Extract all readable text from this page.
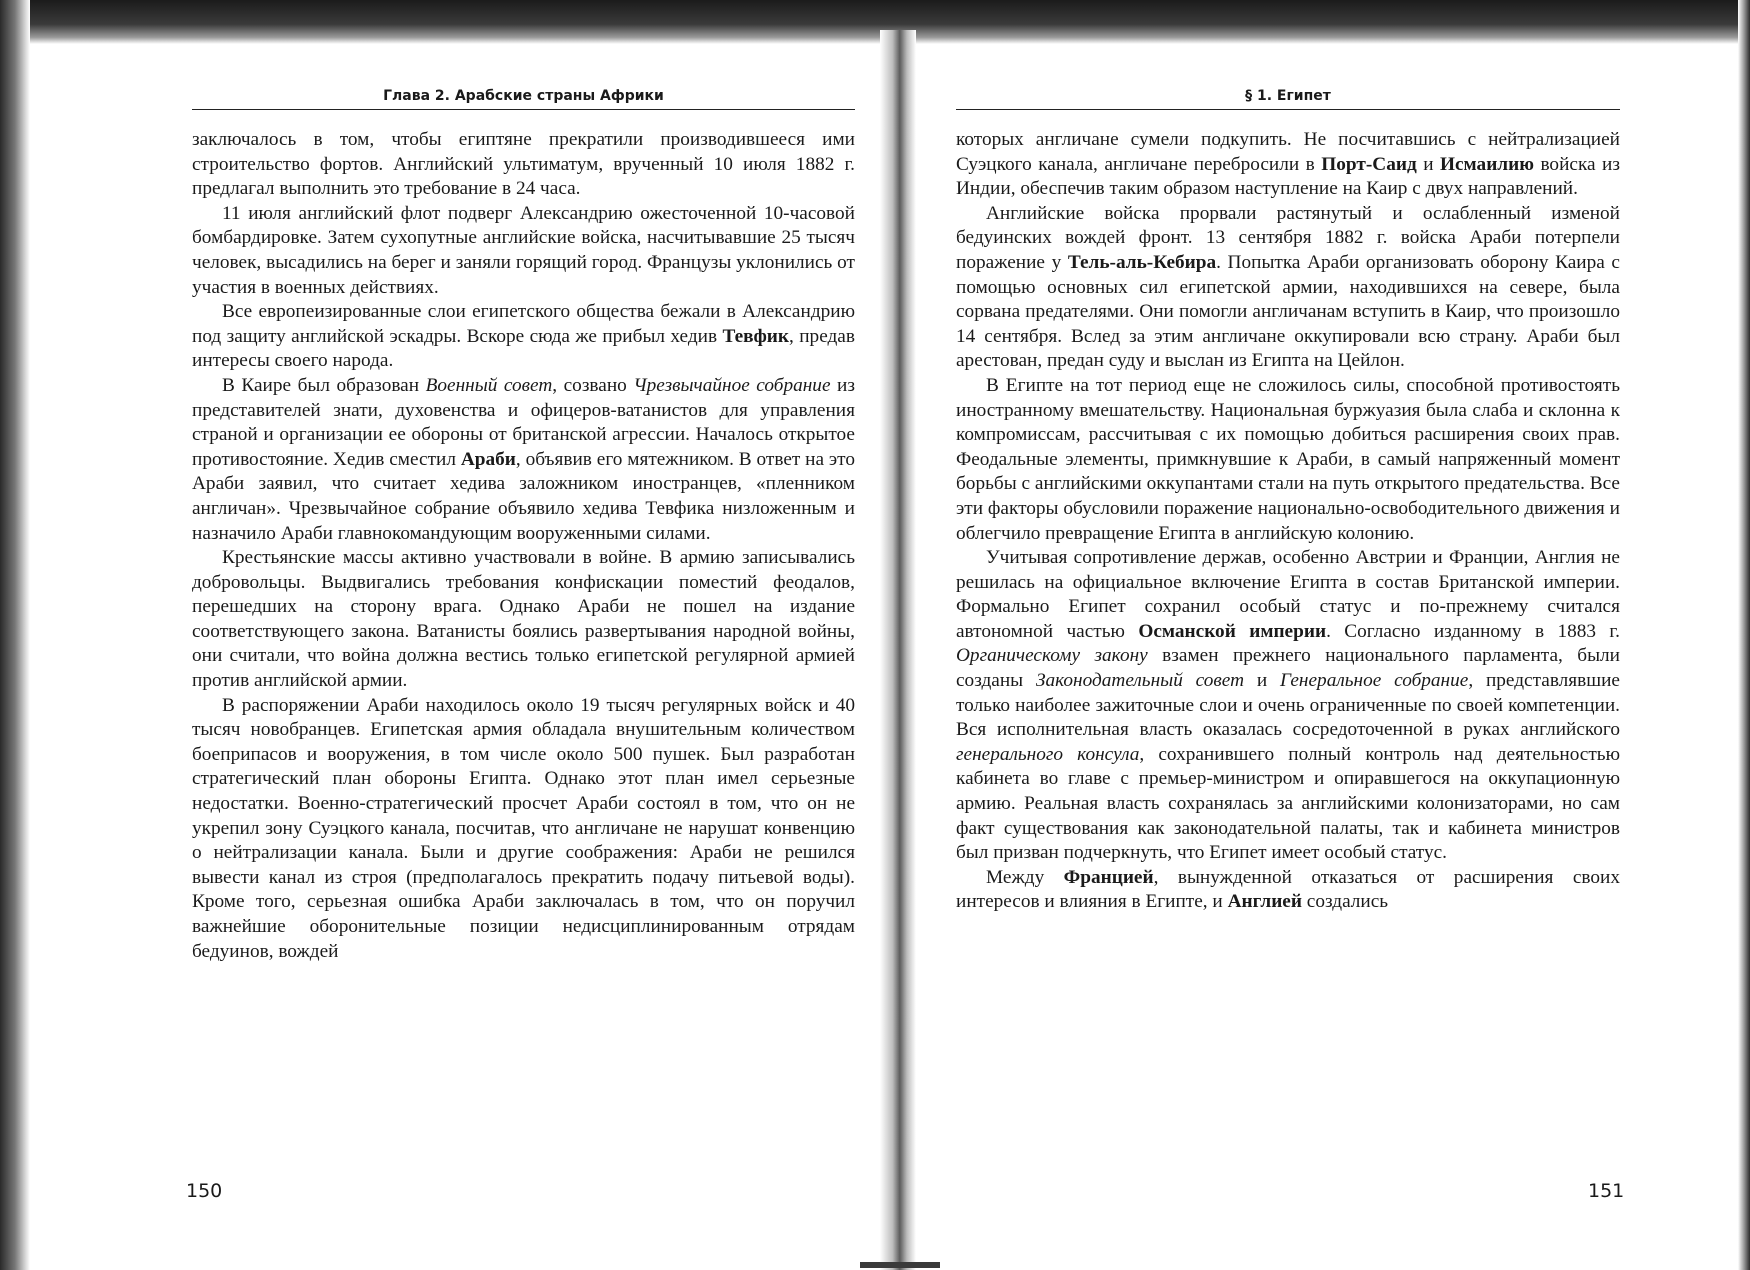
Глава 2. Арабские страны Африки

заключалось в том, чтобы египтяне прекратили производившееся ими строительство фортов. Английский ультиматум, врученный 10 июля 1882 г. предлагал выполнить это требование в 24 часа.

11 июля английский флот подверг Александрию ожесточенной 10-часовой бомбардировке. Затем сухопутные английские войска, насчитывавшие 25 тысяч человек, высадились на берег и заняли горящий город. Французы уклонились от участия в военных действиях.

Все европеизированные слои египетского общества бежали в Александрию под защиту английской эскадры. Вскоре сюда же прибыл хедив Тевфик, предав интересы своего народа.

В Каире был образован Военный совет, созвано Чрезвычайное собрание из представителей знати, духовенства и офицеров-ватанистов для управления страной и организации ее обороны от британской агрессии. Началось открытое противостояние. Хедив сместил Араби, объявив его мятежником. В ответ на это Араби заявил, что считает хедива заложником иностранцев, «пленником англичан». Чрезвычайное собрание объявило хедива Тевфика низложенным и назначило Араби главнокомандующим вооруженными силами.

Крестьянские массы активно участвовали в войне. В армию записывались добровольцы. Выдвигались требования конфискации поместий феодалов, перешедших на сторону врага. Однако Араби не пошел на издание соответствующего закона. Ватанисты боялись развертывания народной войны, они считали, что война должна вестись только египетской регулярной армией против английской армии.

В распоряжении Араби находилось около 19 тысяч регулярных войск и 40 тысяч новобранцев. Египетская армия обладала внушительным количеством боеприпасов и вооружения, в том числе около 500 пушек. Был разработан стратегический план обороны Египта. Однако этот план имел серьезные недостатки. Военно-стратегический просчет Араби состоял в том, что он не укрепил зону Суэцкого канала, посчитав, что англичане не нарушат конвенцию о нейтрализации канала. Были и другие соображения: Араби не решился вывести канал из строя (предполагалось прекратить подачу питьевой воды). Кроме того, серьезная ошибка Араби заключалась в том, что он поручил важнейшие оборонительные позиции недисциплинированным отрядам бедуинов, вождей

150
§ 1. Египет

которых англичане сумели подкупить. Не посчитавшись с нейтрализацией Суэцкого канала, англичане перебросили в Порт-Саид и Исмаилию войска из Индии, обеспечив таким образом наступление на Каир с двух направлений.

Английские войска прорвали растянутый и ослабленный изменой бедуинских вождей фронт. 13 сентября 1882 г. войска Араби потерпели поражение у Тель-аль-Кебира. Попытка Араби организовать оборону Каира с помощью основных сил египетской армии, находившихся на севере, была сорвана предателями. Они помогли англичанам вступить в Каир, что произошло 14 сентября. Вслед за этим англичане оккупировали всю страну. Араби был арестован, предан суду и выслан из Египта на Цейлон.

В Египте на тот период еще не сложилось силы, способной противостоять иностранному вмешательству. Национальная буржуазия была слаба и склонна к компромиссам, рассчитывая с их помощью добиться расширения своих прав. Феодальные элементы, примкнувшие к Араби, в самый напряженный момент борьбы с английскими оккупантами стали на путь открытого предательства. Все эти факторы обусловили поражение национально-освободительного движения и облегчило превращение Египта в английскую колонию.

Учитывая сопротивление держав, особенно Австрии и Франции, Англия не решилась на официальное включение Египта в состав Британской империи. Формально Египет сохранил особый статус и по-прежнему считался автономной частью Османской империи. Согласно изданному в 1883 г. Органическому закону взамен прежнего национального парламента, были созданы Законодательный совет и Генеральное собрание, представлявшие только наиболее зажиточные слои и очень ограниченные по своей компетенции. Вся исполнительная власть оказалась сосредоточенной в руках английского генерального консула, сохранившего полный контроль над деятельностью кабинета во главе с премьер-министром и опиравшегося на оккупационную армию. Реальная власть сохранялась за английскими колонизаторами, но сам факт существования как законодательной палаты, так и кабинета министров был призван подчеркнуть, что Египет имеет особый статус.

Между Францией, вынужденной отказаться от расширения своих интересов и влияния в Египте, и Англией создались

151
